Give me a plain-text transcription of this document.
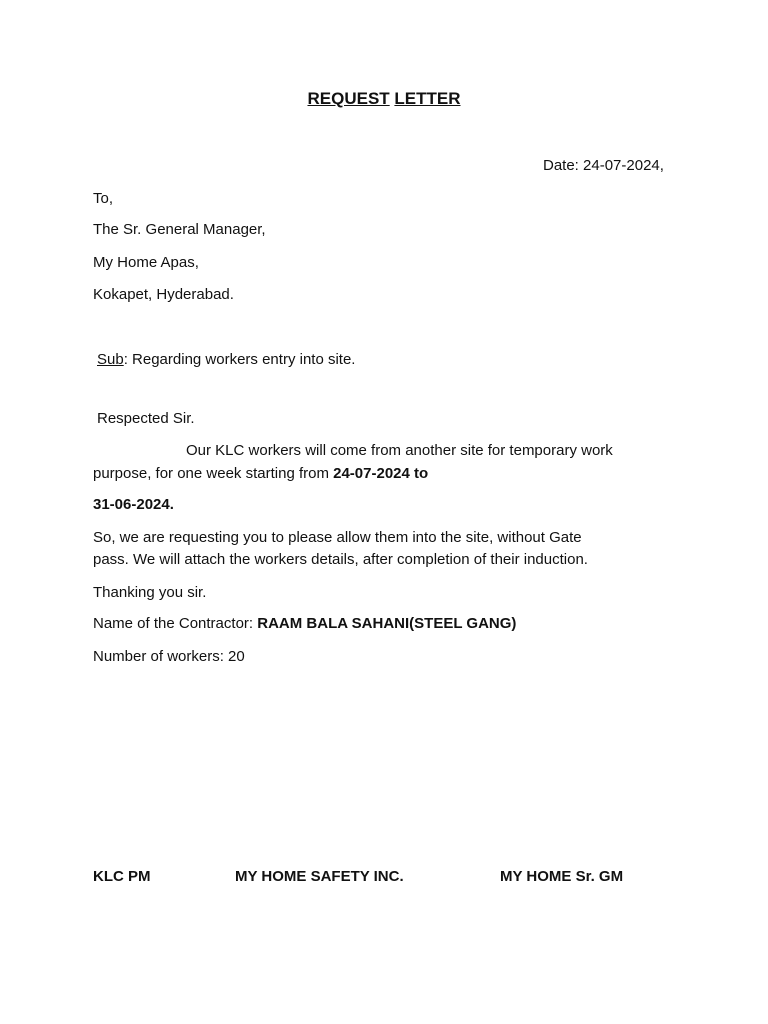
REQUEST LETTER
Date: 24-07-2024,
To,
The Sr. General Manager,
My Home Apas,
Kokapet, Hyderabad.
Sub: Regarding workers entry into site.
Respected Sir.
Our KLC workers will come from another site for temporary work
purpose, for one week starting from 24-07-2024 to
31-06-2024.
So, we are requesting you to please allow them into the site, without Gate
pass. We will attach the workers details, after completion of their induction.
Thanking you sir.
Name of the Contractor: RAAM BALA SAHANI(STEEL GANG)
Number of workers: 20
KLC PM	MY HOME SAFETY INC.	MY HOME Sr. GM
